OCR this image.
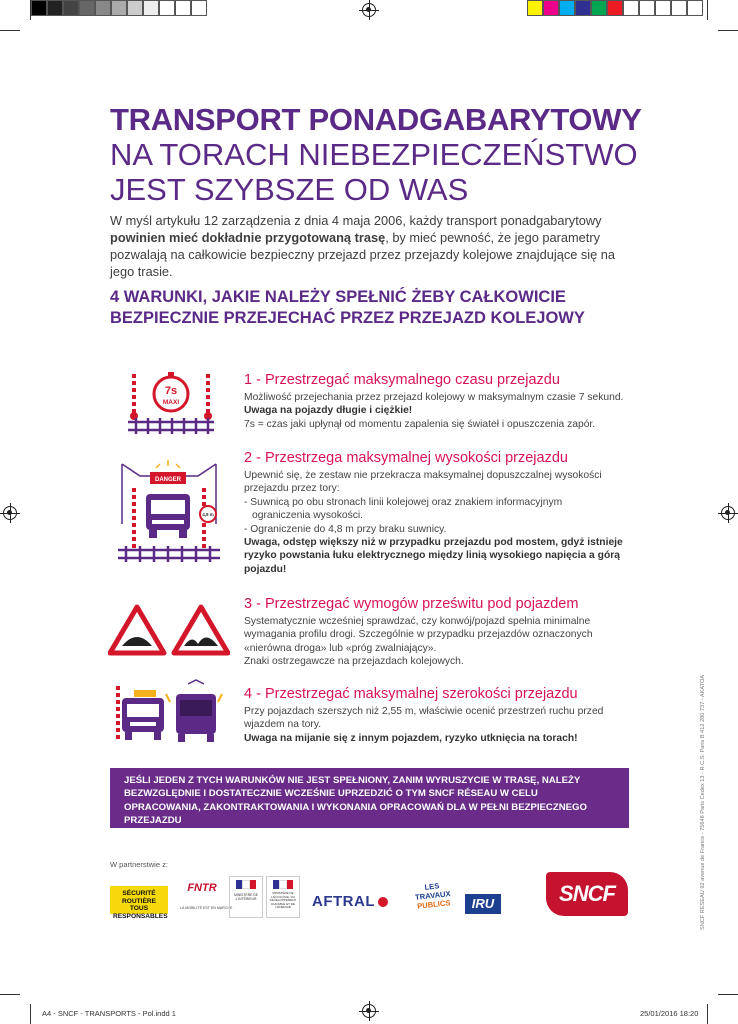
TRANSPORT PONADGABARYTOWY
NA TORACH NIEBEZPIECZEŃSTWO
JEST SZYBSZE OD WAS

W myśl artykułu 12 zarządzenia z dnia 4 maja 2006, każdy transport ponadgabarytowy powinien mieć dokładnie przygotowaną trasę, by mieć pewność, że jego parametry pozwalają na całkowicie bezpieczny przejazd przez przejazdy kolejowe znajdujące się na jego trasie.

4 WARUNKI, JAKIE NALEŻY SPEŁNIĆ ŻEBY CAŁKOWICIE BEZPIECZNIE PRZEJECHAĆ PRZEZ PRZEJAZD KOLEJOWY
7s
MAXI
1 - Przestrzegać maksymalnego czasu przejazdu

Możliwość przejechania przez przejazd kolejowy w maksymalnym czasie 7 sekund. Uwaga na pojazdy długie i ciężkie!

7s = czas jaki upłynął od momentu zapalenia się świateł i opuszczenia zapór.

DANGER
4,8 m
2 - Przestrzega maksymalnej wysokości przejazdu

Upewnić się, że zestaw nie przekracza maksymalnej dopuszczalnej wysokości przejazdu przez tory:

- Suwnicą po obu stronach linii kolejowej oraz znakiem informacyjnym

ograniczenia wysokości.

- Ograniczenie do 4,8 m przy braku suwnicy.

Uwaga, odstęp większy niż w przypadku przejazdu pod mostem, gdyż istnieje ryzyko powstania łuku elektrycznego między linią wysokiego napięcia a górą pojazdu!

3 - Przestrzegać wymogów prześwitu pod pojazdem

Systematycznie wcześniej sprawdzać, czy konwój/pojazd spełnia minimalne wymagania profilu drogi. Szczególnie w przypadku przejazdów oznaczonych «nierówna droga» lub «próg zwalniający».

Znaki ostrzegawcze na przejazdach kolejowych.

4 - Przestrzegać maksymalnej szerokości przejazdu

Przy pojazdach szerszych niż 2,55 m, właściwie ocenić przestrzeń ruchu przed wjazdem na tory.

Uwaga na mijanie się z innym pojazdem, ryzyko utknięcia na torach!

JEŚLI JEDEN Z TYCH WARUNKÓW NIE JEST SPEŁNIONY, ZANIM WYRUSZYCIE W TRASĘ, NALEŻY BEZWZGLĘDNIE I DOSTATECZNIE WCZEŚNIE UPRZEDZIĆ O TYM SNCF RÉSEAU W CELU OPRACOWANIA, ZAKONTRAKTOWANIA I WYKONANIA OPRACOWAŃ DLA W PEŁNI BEZPIECZNEGO PRZEJAZDU
W partnerstwie z:
SÉCURITÉ ROUTIÈRE
TOUS RESPONSABLES
FNTR
LA MOBILITÉ EST EN MARCHE
MINISTÈRE DE L'INTÉRIEUR
MINISTÈRE DE L'ÉCOLOGIE, DU DÉVELOPPEMENT DURABLE ET DE L'ÉNERGIE	AFTRAL
LES TRAVAUX
PUBLICS	IRU	SNCF	SNCF RÉSEAU 92 avenue de France - 75648 Paris Cedex 13 - R.C.S. Paris B 412 280 737 - AKATOA
A4 - SNCF - TRANSPORTS - Pol.indd 1	25/01/2016 18:20
